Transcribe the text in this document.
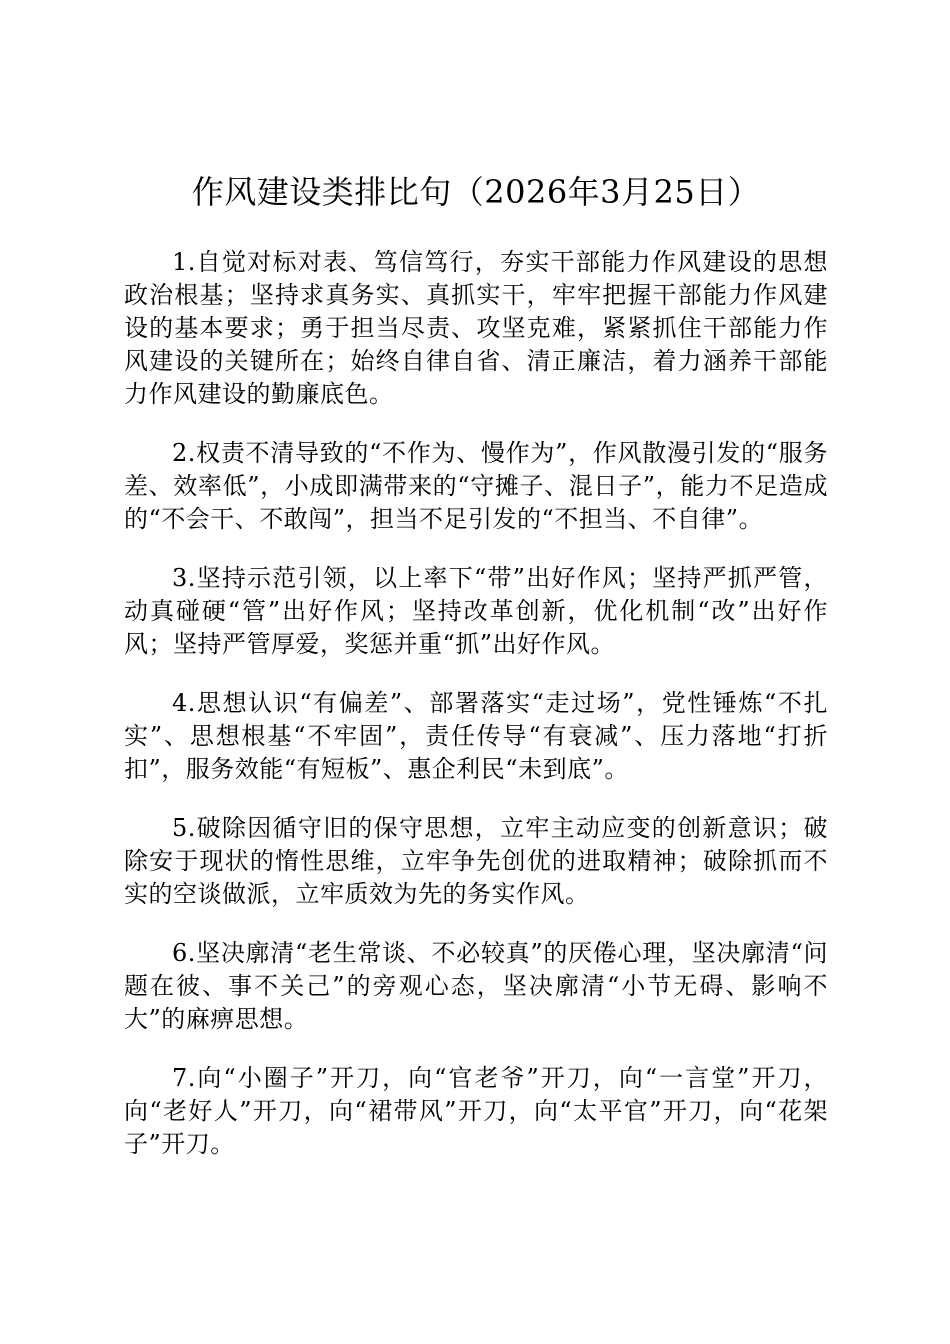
作风建设类排比句（2026年3月25日）

1.自觉对标对表、笃信笃行，夯实干部能力作风建设的思想政治根基；坚持求真务实、真抓实干，牢牢把握干部能力作风建设的基本要求；勇于担当尽责、攻坚克难，紧紧抓住干部能力作风建设的关键所在；始终自律自省、清正廉洁，着力涵养干部能力作风建设的勤廉底色。

2.权责不清导致的“不作为、慢作为”，作风散漫引发的“服务差、效率低”，小成即满带来的“守摊子、混日子”，能力不足造成的“不会干、不敢闯”，担当不足引发的“不担当、不自律”。

3.坚持示范引领，以上率下“带”出好作风；坚持严抓严管，动真碰硬“管”出好作风；坚持改革创新，优化机制“改”出好作风；坚持严管厚爱，奖惩并重“抓”出好作风。

4.思想认识“有偏差”、部署落实“走过场”，党性锤炼“不扎实”、思想根基“不牢固”，责任传导“有衰减”、压力落地“打折扣”，服务效能“有短板”、惠企利民“未到底”。

5.破除因循守旧的保守思想，立牢主动应变的创新意识；破除安于现状的惰性思维，立牢争先创优的进取精神；破除抓而不实的空谈做派，立牢质效为先的务实作风。

6.坚决廓清“老生常谈、不必较真”的厌倦心理，坚决廓清“问题在彼、事不关己”的旁观心态，坚决廓清“小节无碍、影响不大”的麻痹思想。

7.向“小圈子”开刀，向“官老爷”开刀，向“一言堂”开刀，向“老好人”开刀，向“裙带风”开刀，向“太平官”开刀，向“花架子”开刀。
